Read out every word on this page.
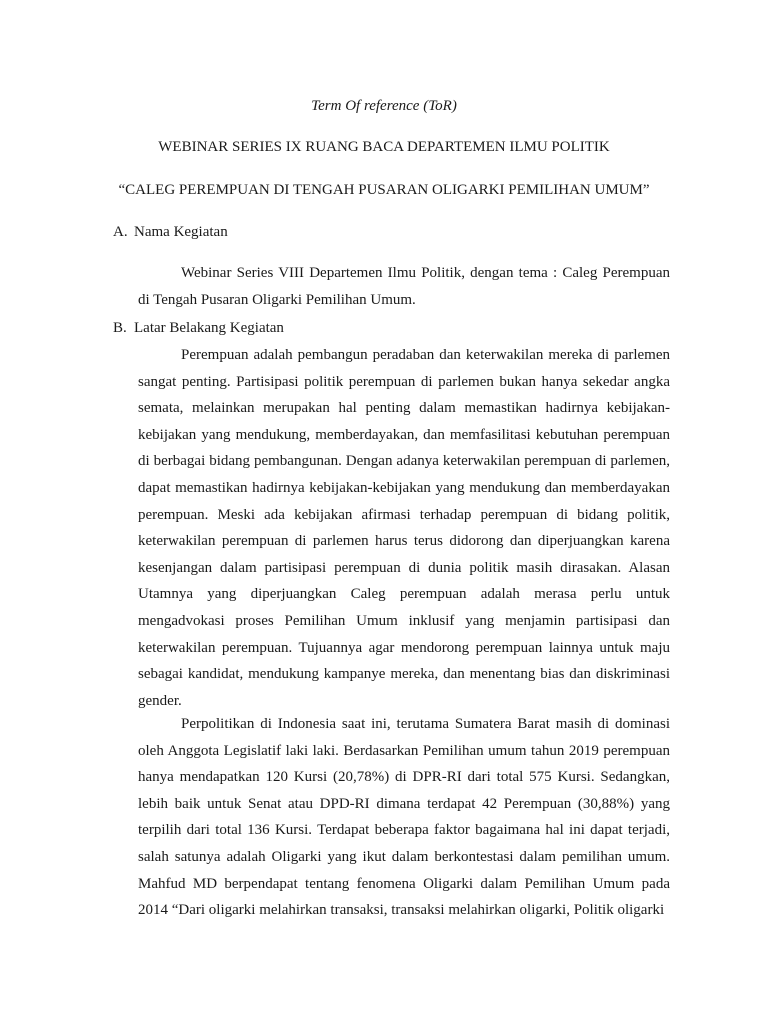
Term Of reference (ToR)
WEBINAR SERIES IX RUANG BACA DEPARTEMEN ILMU POLITIK
“CALEG PEREMPUAN DI TENGAH PUSARAN OLIGARKI PEMILIHAN UMUM”
A. Nama Kegiatan

Webinar Series VIII Departemen Ilmu Politik, dengan tema : Caleg Perempuan di Tengah Pusaran Oligarki Pemilihan Umum.

B. Latar Belakang Kegiatan

Perempuan adalah pembangun peradaban dan keterwakilan mereka di parlemen sangat penting. Partisipasi politik perempuan di parlemen bukan hanya sekedar angka semata, melainkan merupakan hal penting dalam memastikan hadirnya kebijakan-kebijakan yang mendukung, memberdayakan, dan memfasilitasi kebutuhan perempuan di berbagai bidang pembangunan. Dengan adanya keterwakilan perempuan di parlemen, dapat memastikan hadirnya kebijakan-kebijakan yang mendukung dan memberdayakan perempuan. Meski ada kebijakan afirmasi terhadap perempuan di bidang politik, keterwakilan perempuan di parlemen harus terus didorong dan diperjuangkan karena kesenjangan dalam partisipasi perempuan di dunia politik masih dirasakan. Alasan Utamnya yang diperjuangkan Caleg perempuan adalah merasa perlu untuk mengadvokasi proses Pemilihan Umum inklusif yang menjamin partisipasi dan keterwakilan perempuan. Tujuannya agar mendorong perempuan lainnya untuk maju sebagai kandidat, mendukung kampanye mereka, dan menentang bias dan diskriminasi gender.

Perpolitikan di Indonesia saat ini, terutama Sumatera Barat masih di dominasi oleh Anggota Legislatif laki laki. Berdasarkan Pemilihan umum tahun 2019 perempuan hanya mendapatkan 120 Kursi (20,78%) di DPR-RI dari total 575 Kursi. Sedangkan, lebih baik untuk Senat atau DPD-RI dimana terdapat 42 Perempuan (30,88%) yang terpilih dari total 136 Kursi. Terdapat beberapa faktor bagaimana hal ini dapat terjadi, salah satunya adalah Oligarki yang ikut dalam berkontestasi dalam pemilihan umum. Mahfud MD berpendapat tentang fenomena Oligarki dalam Pemilihan Umum pada 2014 “Dari oligarki melahirkan transaksi, transaksi melahirkan oligarki, Politik oligarki
